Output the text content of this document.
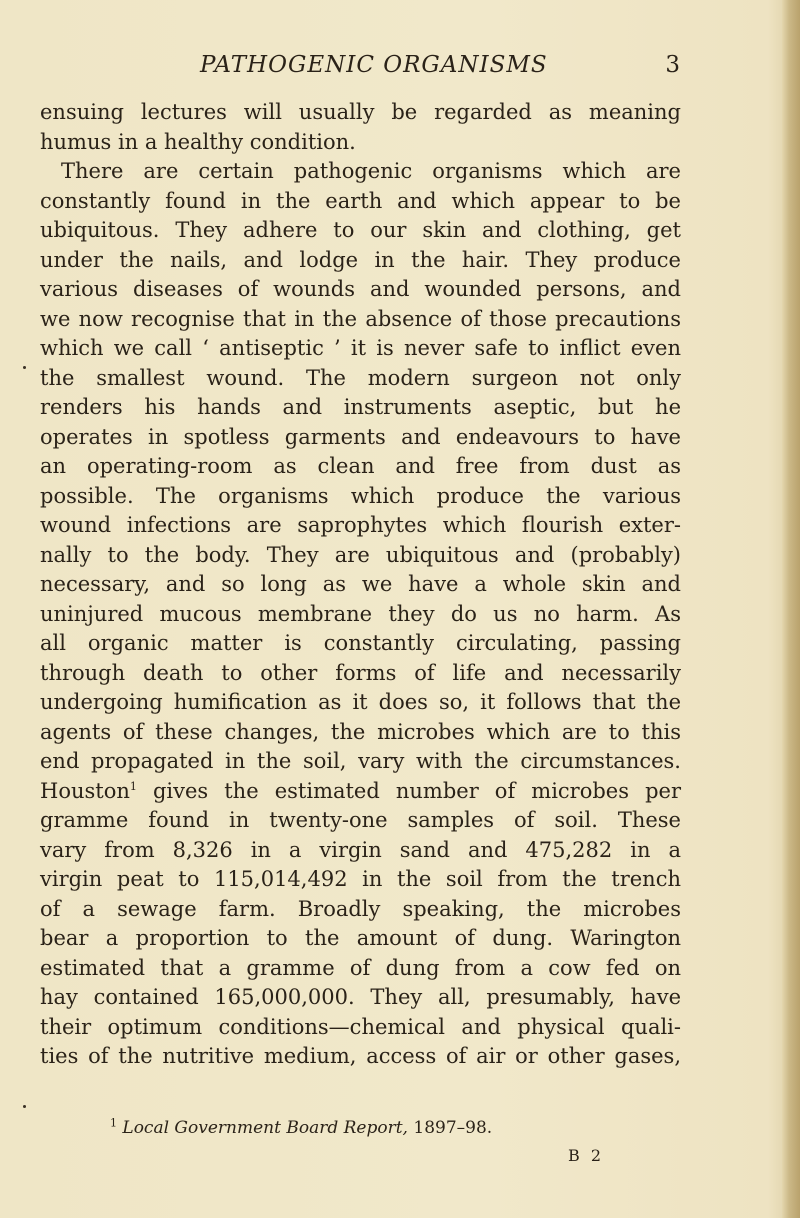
PATHOGENIC ORGANISMS	3
ensuing lectures will usually be regarded as meaning
humus in a healthy condition.
There are certain pathogenic organisms which are
constantly found in the earth and which appear to be
ubiquitous. They adhere to our skin and clothing, get
under the nails, and lodge in the hair. They produce
various diseases of wounds and wounded persons, and
we now recognise that in the absence of those precautions
which we call ‘ antiseptic ’ it is never safe to inflict even
the smallest wound. The modern surgeon not only
renders his hands and instruments aseptic, but he
operates in spotless garments and endeavours to have
an operating-room as clean and free from dust as
possible. The organisms which produce the various
wound infections are saprophytes which flourish exter-
nally to the body. They are ubiquitous and (probably)
necessary, and so long as we have a whole skin and
uninjured mucous membrane they do us no harm. As
all organic matter is constantly circulating, passing
through death to other forms of life and necessarily
undergoing humification as it does so, it follows that the
agents of these changes, the microbes which are to this
end propagated in the soil, vary with the circumstances.
Houston$^1$ gives the estimated number of microbes per
gramme found in twenty-one samples of soil. These
vary from 8,326 in a virgin sand and 475,282 in a
virgin peat to 115,014,492 in the soil from the trench
of a sewage farm. Broadly speaking, the microbes
bear a proportion to the amount of dung. Warington
estimated that a gramme of dung from a cow fed on
hay contained 165,000,000. They all, presumably, have
their optimum conditions—chemical and physical quali-
ties of the nutritive medium, access of air or other gases,
$^1$ Local Government Board Report, 1897–98.
B 2
